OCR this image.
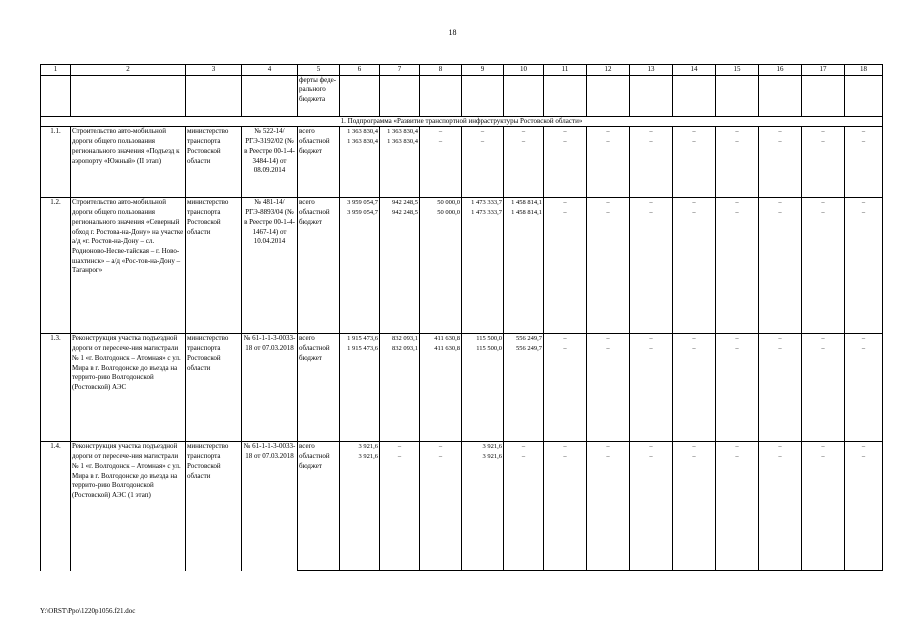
18
1	2	3	4	5	6	7	8	9	10	11	12	13	14	15	16	17	18
				ферты феде-рального бюджета													
1. Подпрограмма «Развитие транспортной инфраструктуры Ростовской области»																	
1.1.	Строительство авто-мобильной дороги общего пользования регионального значения «Подъезд к аэропорту «Южный» (II этап)	министерство транспорта Ростовской области	№ 522-14/РГЭ-3192/02 (№ в Реестре 00-1-4-3484-14) от 08.09.2014	всего	1 363 830,4	1 363 830,4	–	–	–	–	–	–	–	–	–	–	–
				областной бюджет	1 363 830,4	1 363 830,4	–	–	–	–	–	–	–	–	–	–	–
1.2.	Строительство авто-мобильной дороги общего пользования регионального значения «Северный обход г. Ростова-на-Дону» на участке а/д «г. Ростов-на-Дону – сл. Родионово-Несве-тайская – г. Ново-шахтинск» – а/д «Рос-тов-на-Дону – Таганрог»	министерство транспорта Ростовской области	№ 481-14/РГЭ-8893/04 (№ в Реестре 00-1-4-1467-14) от 10.04.2014	всего	3 959 054,7	942 248,5	50 000,0	1 473 333,7	1 458 814,1	–	–	–	–	–	–	–	–
				областной бюджет	3 959 054,7	942 248,5	50 000,0	1 473 333,7	1 458 814,1	–	–	–	–	–	–	–	–
1.3.	Реконструкция участка подъездной дороги от пересече-ния магистрали № 1 «г. Волгодонск – Атомная» с ул. Мира в г. Волгодонске до въезда на террито-рию Волгодонской (Ростовской) АЭС	министерство транспорта Ростовской области	№ 61-1-1-3-0033-18 от 07.03.2018	всего	1 915 473,6	832 093,1	411 630,8	115 500,0	556 249,7	–	–	–	–	–	–	–	–
				областной бюджет	1 915 473,6	832 093,1	411 630,8	115 500,0	556 249,7	–	–	–	–	–	–	–	–
1.4.	Реконструкция участка подъездной дороги от пересече-ния магистрали № 1 «г. Волгодонск – Атомная» с ул. Мира в г. Волгодонске до въезда на террито-рию Волгодонской (Ростовской) АЭС (1 этап)	министерство транспорта Ростовской области	№ 61-1-1-3-0033-18 от 07.03.2018	всего	3 921,6	–	–	3 921,6	–	–	–	–	–	–	–	–	–
				областной бюджет	3 921,6	–	–	3 921,6	–	–	–	–	–	–	–	–	–
Y:\ORST\Ppo\1220p1056.f21.doc
